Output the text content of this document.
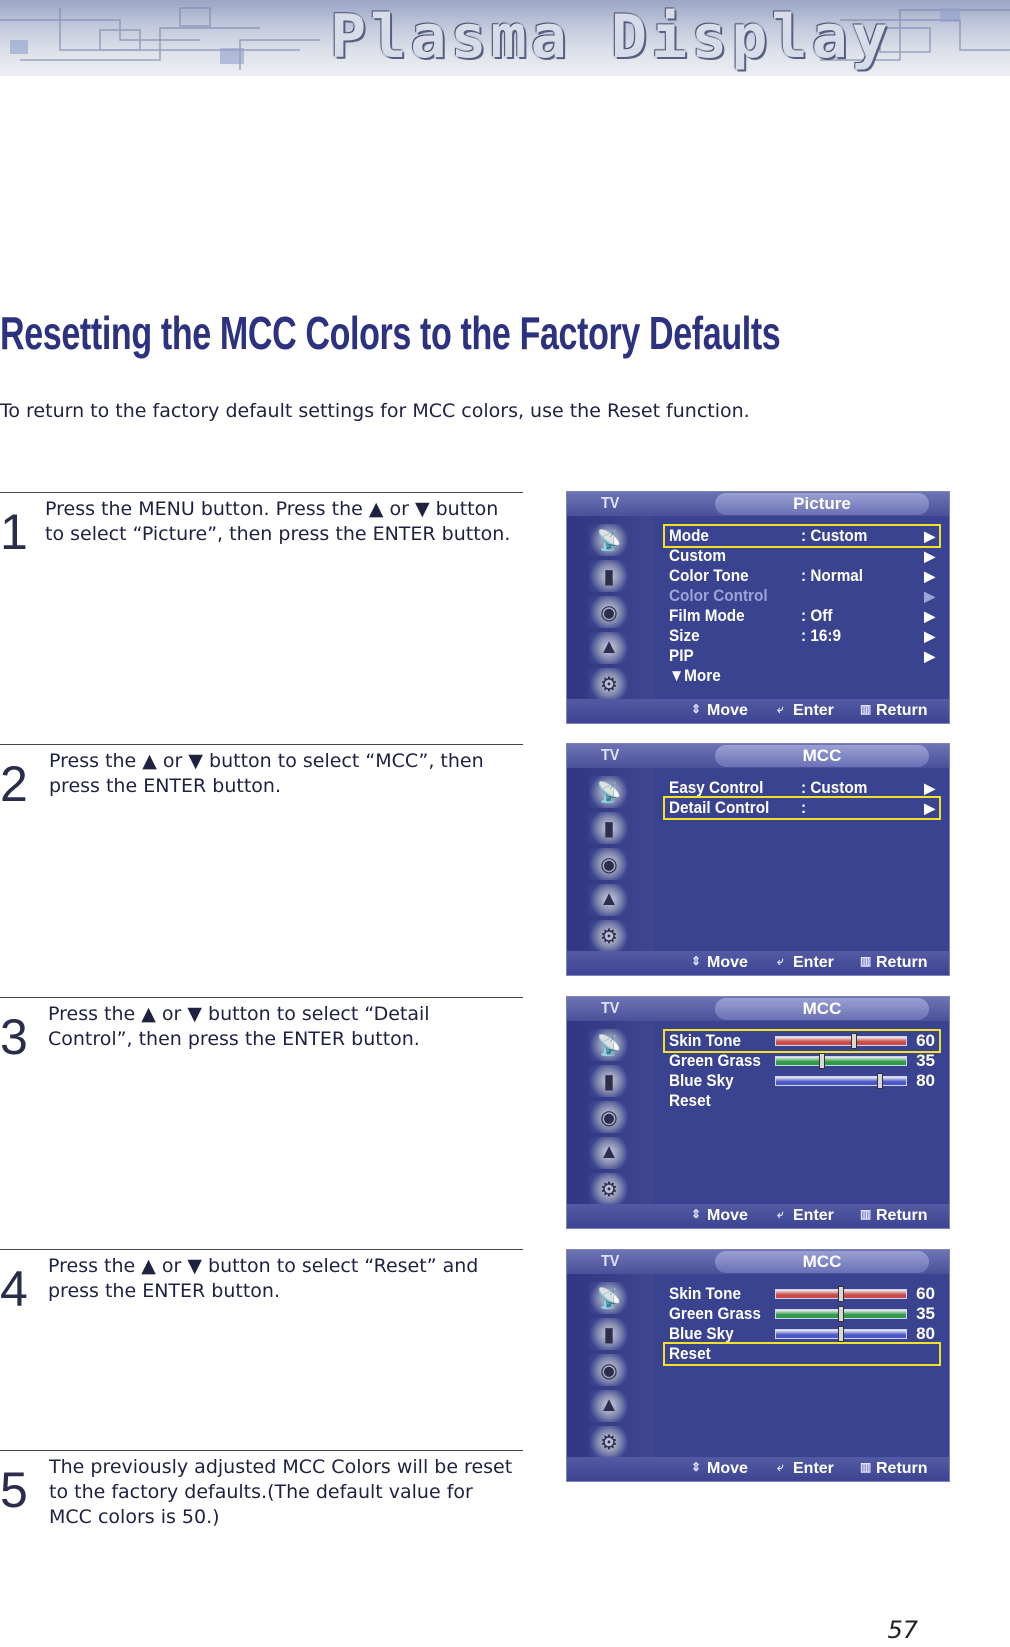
Plasma Display
Resetting the MCC Colors to the Factory Defaults
To return to the factory default settings for MCC colors, use the Reset function.
1 Press the MENU button. Press the ▲ or ▼ button to select “Picture”, then press the ENTER button.
2 Press the ▲ or ▼ button to select “MCC”, then press the ENTER button.
3 Press the ▲ or ▼ button to select “Detail Control”, then press the ENTER button.
4 Press the ▲ or ▼ button to select “Reset” and press the ENTER button.
5 The previously adjusted MCC Colors will be reset to the factory defaults.(The default value for MCC colors is 50.)
TV	Picture
📡
▮
◉
▲
⚙
Mode	: Custom	▶
Custom	▶
Color Tone	: Normal	▶
Color Control	▶
Film Mode	: Off	▶
Size	: 16:9	▶
PIP	▶
▼More
⇕ Move ⤶ Enter ▥ Return
TV	MCC
📡
▮
◉
▲
⚙
Easy Control : Custom	▶
Detail Control :	▶
⇕ Move ⤶ Enter ▥ Return
TV	MCC
📡
▮
◉
▲
⚙
Skin Tone	60
Green Grass	35
Blue Sky	80
Reset
⇕ Move ⤶ Enter ▥ Return
TV	MCC
📡
▮
◉
▲
⚙
Skin Tone	60
Green Grass	35
Blue Sky	80
Reset
⇕ Move ⤶ Enter ▥ Return
57
